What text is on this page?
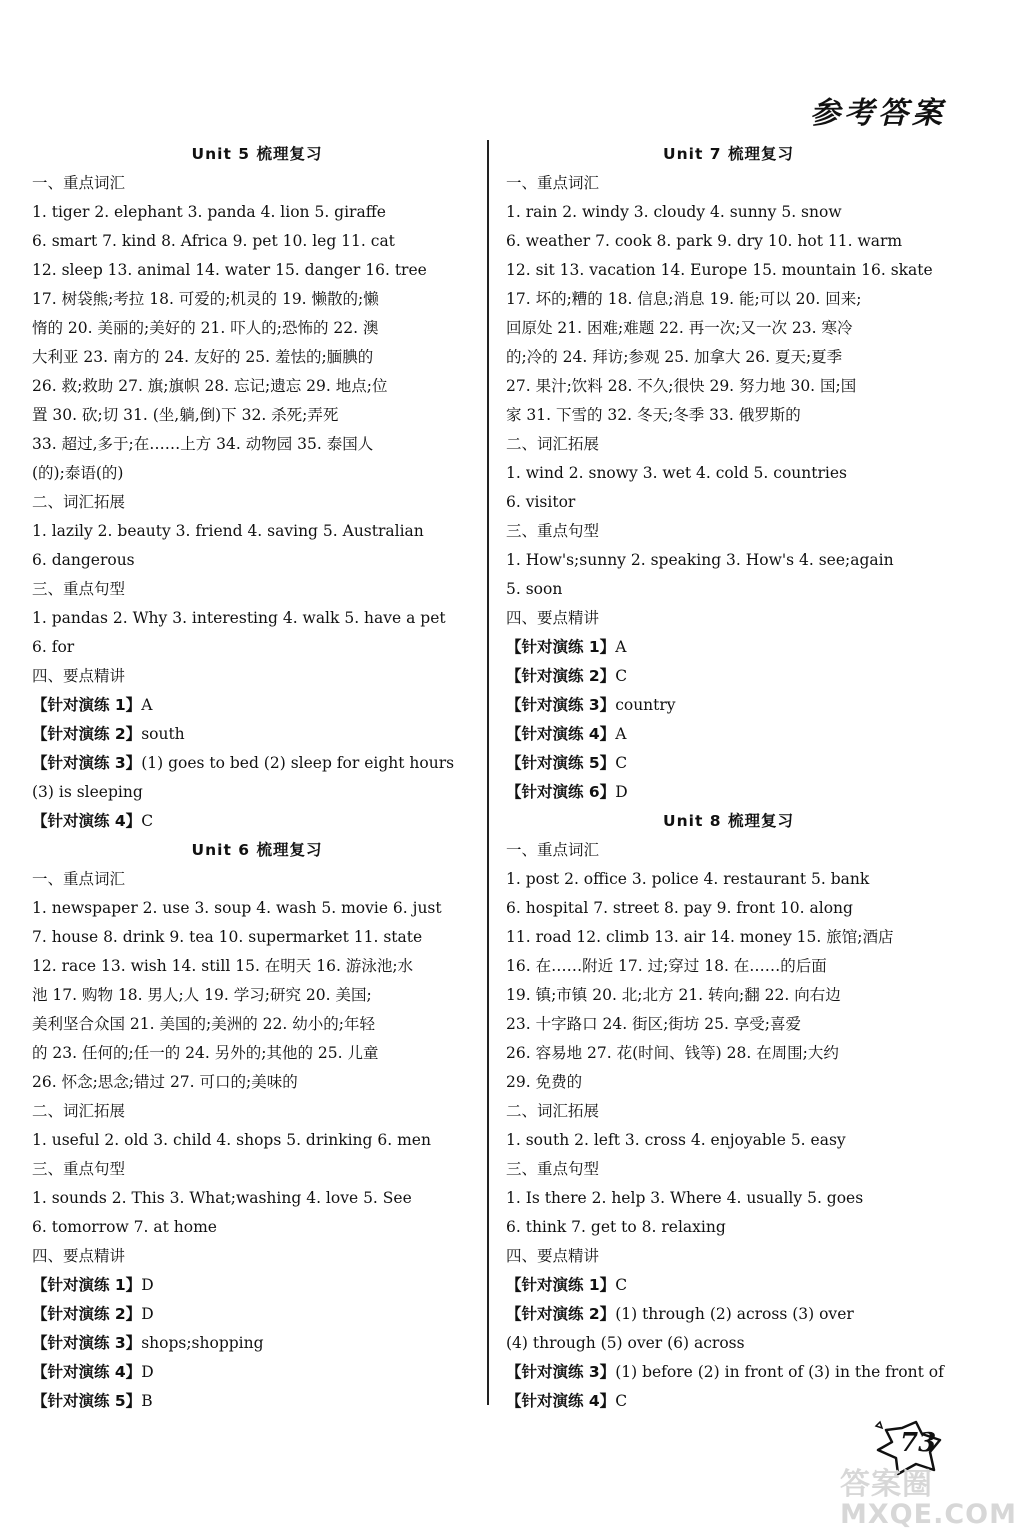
参考答案
Unit 5 梳理复习
一、重点词汇
1. tiger 2. elephant 3. panda 4. lion 5. giraffe
6. smart 7. kind 8. Africa 9. pet 10. leg 11. cat
12. sleep 13. animal 14. water 15. danger 16. tree
17. 树袋熊;考拉 18. 可爱的;机灵的 19. 懒散的;懒
惰的 20. 美丽的;美好的 21. 吓人的;恐怖的 22. 澳
大利亚 23. 南方的 24. 友好的 25. 羞怯的;腼腆的
26. 救;救助 27. 旗;旗帜 28. 忘记;遗忘 29. 地点;位
置 30. 砍;切 31. (坐,躺,倒)下 32. 杀死;弄死
33. 超过,多于;在……上方 34. 动物园 35. 泰国人
(的);泰语(的)
二、词汇拓展
1. lazily 2. beauty 3. friend 4. saving 5. Australian
6. dangerous
三、重点句型
1. pandas 2. Why 3. interesting 4. walk 5. have a pet
6. for
四、要点精讲
【针对演练 1】A
【针对演练 2】south
【针对演练 3】(1) goes to bed (2) sleep for eight hours
(3) is sleeping
【针对演练 4】C
Unit 6 梳理复习
一、重点词汇
1. newspaper 2. use 3. soup 4. wash 5. movie 6. just
7. house 8. drink 9. tea 10. supermarket 11. state
12. race 13. wish 14. still 15. 在明天 16. 游泳池;水
池 17. 购物 18. 男人;人 19. 学习;研究 20. 美国;
美利坚合众国 21. 美国的;美洲的 22. 幼小的;年轻
的 23. 任何的;任一的 24. 另外的;其他的 25. 儿童
26. 怀念;思念;错过 27. 可口的;美味的
二、词汇拓展
1. useful 2. old 3. child 4. shops 5. drinking 6. men
三、重点句型
1. sounds 2. This 3. What;washing 4. love 5. See
6. tomorrow 7. at home
四、要点精讲
【针对演练 1】D
【针对演练 2】D
【针对演练 3】shops;shopping
【针对演练 4】D
【针对演练 5】B
Unit 7 梳理复习
一、重点词汇
1. rain 2. windy 3. cloudy 4. sunny 5. snow
6. weather 7. cook 8. park 9. dry 10. hot 11. warm
12. sit 13. vacation 14. Europe 15. mountain 16. skate
17. 坏的;糟的 18. 信息;消息 19. 能;可以 20. 回来;
回原处 21. 困难;难题 22. 再一次;又一次 23. 寒冷
的;冷的 24. 拜访;参观 25. 加拿大 26. 夏天;夏季
27. 果汁;饮料 28. 不久;很快 29. 努力地 30. 国;国
家 31. 下雪的 32. 冬天;冬季 33. 俄罗斯的
二、词汇拓展
1. wind 2. snowy 3. wet 4. cold 5. countries
6. visitor
三、重点句型
1. How's;sunny 2. speaking 3. How's 4. see;again
5. soon
四、要点精讲
【针对演练 1】A
【针对演练 2】C
【针对演练 3】country
【针对演练 4】A
【针对演练 5】C
【针对演练 6】D
Unit 8 梳理复习
一、重点词汇
1. post 2. office 3. police 4. restaurant 5. bank
6. hospital 7. street 8. pay 9. front 10. along
11. road 12. climb 13. air 14. money 15. 旅馆;酒店
16. 在……附近 17. 过;穿过 18. 在……的后面
19. 镇;市镇 20. 北;北方 21. 转向;翻 22. 向右边
23. 十字路口 24. 街区;街坊 25. 享受;喜爱
26. 容易地 27. 花(时间、钱等) 28. 在周围;大约
29. 免费的
二、词汇拓展
1. south 2. left 3. cross 4. enjoyable 5. easy
三、重点句型
1. Is there 2. help 3. Where 4. usually 5. goes
6. think 7. get to 8. relaxing
四、要点精讲
【针对演练 1】C
【针对演练 2】(1) through (2) across (3) over
(4) through (5) over (6) across
【针对演练 3】(1) before (2) in front of (3) in the front of
【针对演练 4】C
73
答案圈
MXQE.COM
